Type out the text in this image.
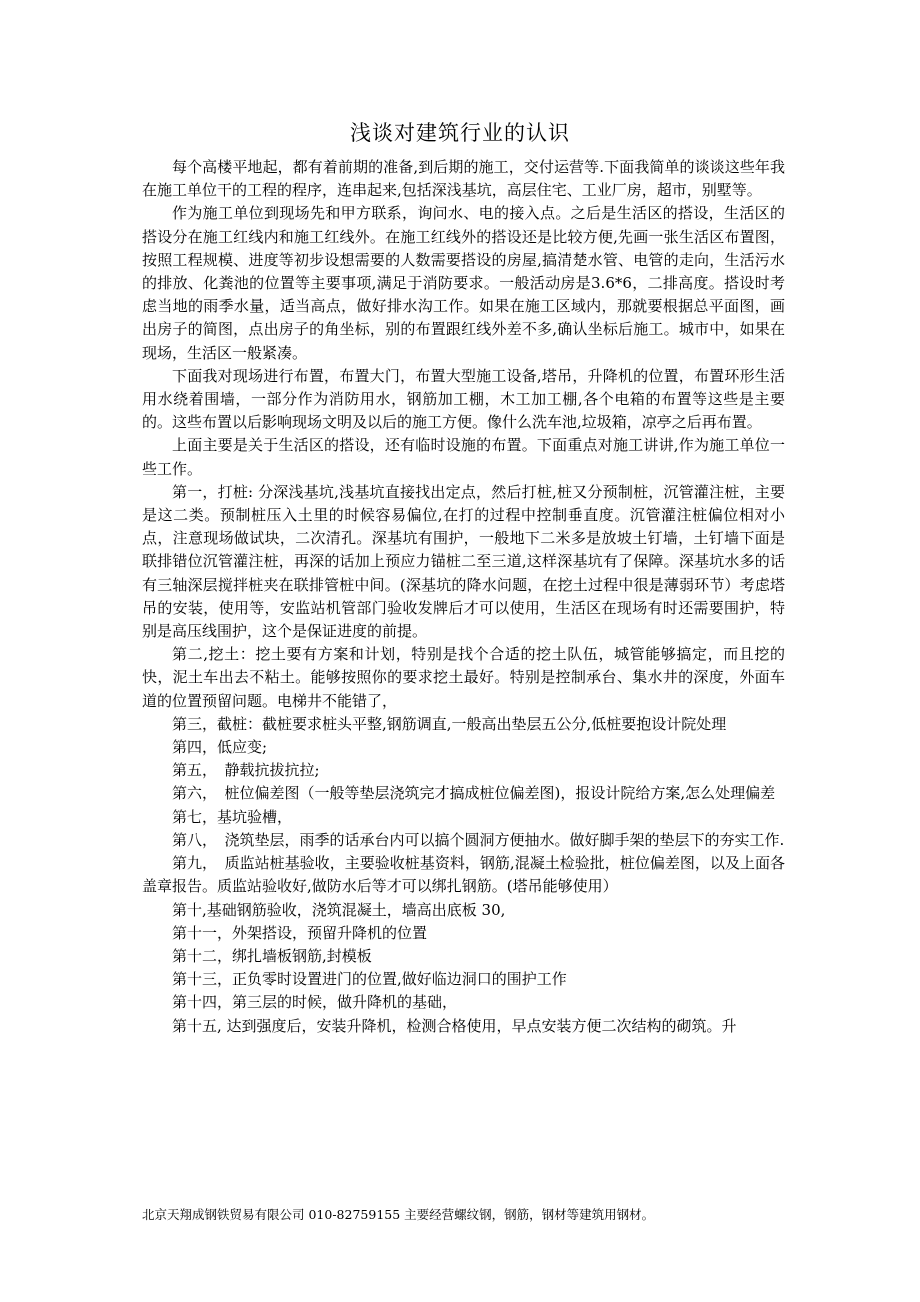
浅谈对建筑行业的认识

每个高楼平地起，都有着前期的准备,到后期的施工，交付运营等.下面我简单的谈谈这些年我在施工单位干的工程的程序，连串起来,包括深浅基坑，高层住宅、工业厂房，超市，别墅等。

作为施工单位到现场先和甲方联系，询问水、电的接入点。之后是生活区的搭设，生活区的搭设分在施工红线内和施工红线外。在施工红线外的搭设还是比较方便,先画一张生活区布置图，按照工程规模、进度等初步设想需要的人数需要搭设的房屋,搞清楚水管、电管的走向，生活污水的排放、化粪池的位置等主要事项,满足于消防要求。一般活动房是3.6*6，二排高度。搭设时考虑当地的雨季水量，适当高点，做好排水沟工作。如果在施工区域内，那就要根据总平面图，画出房子的简图，点出房子的角坐标，别的布置跟红线外差不多,确认坐标后施工。城市中，如果在现场，生活区一般紧凑。

下面我对现场进行布置，布置大门，布置大型施工设备,塔吊，升降机的位置，布置环形生活用水绕着围墙，一部分作为消防用水，钢筋加工棚，木工加工棚,各个电箱的布置等这些是主要的。这些布置以后影响现场文明及以后的施工方便。像什么洗车池,垃圾箱，凉亭之后再布置。

上面主要是关于生活区的搭设，还有临时设施的布置。下面重点对施工讲讲,作为施工单位一些工作。

第一，打桩: 分深浅基坑,浅基坑直接找出定点，然后打桩,桩又分预制桩，沉管灌注桩，主要是这二类。预制桩压入土里的时候容易偏位,在打的过程中控制垂直度。沉管灌注桩偏位相对小点，注意现场做试块，二次清孔。深基坑有围护，一般地下二米多是放坡土钉墙，土钉墙下面是联排错位沉管灌注桩，再深的话加上预应力锚桩二至三道,这样深基坑有了保障。深基坑水多的话有三轴深层搅拌桩夹在联排管桩中间。(深基坑的降水问题，在挖土过程中很是薄弱环节）考虑塔吊的安装，使用等，安监站机管部门验收发牌后才可以使用，生活区在现场有时还需要围护，特别是高压线围护，这个是保证进度的前提。

第二,挖土：挖土要有方案和计划，特别是找个合适的挖土队伍，城管能够搞定，而且挖的快，泥土车出去不粘土。能够按照你的要求挖土最好。特别是控制承台、集水井的深度，外面车道的位置预留问题。电梯井不能错了，

第三，截桩：截桩要求桩头平整,钢筋调直,一般高出垫层五公分,低桩要抱设计院处理

第四，低应变;

第五，　静载抗拔抗拉;

第六，　桩位偏差图（一般等垫层浇筑完才搞成桩位偏差图)，报设计院给方案,怎么处理偏差

第七，基坑验槽，

第八，　浇筑垫层，雨季的话承台内可以搞个圆洞方便抽水。做好脚手架的垫层下的夯实工作.

第九，　质监站桩基验收，主要验收桩基资料，钢筋,混凝土检验批，桩位偏差图，以及上面各盖章报告。质监站验收好,做防水后等才可以绑扎钢筋。(塔吊能够使用）

第十,基础钢筋验收，浇筑混凝土，墙高出底板 30,

第十一，外架搭设，预留升降机的位置

第十二，绑扎墙板钢筋,封模板

第十三，正负零时设置进门的位置,做好临边洞口的围护工作

第十四，第三层的时候，做升降机的基础，

第十五, 达到强度后，安装升降机，检测合格使用，早点安装方便二次结构的砌筑。升

北京天翔成钢铁贸易有限公司 010-82759155 主要经营螺纹钢，钢筋，钢材等建筑用钢材。
